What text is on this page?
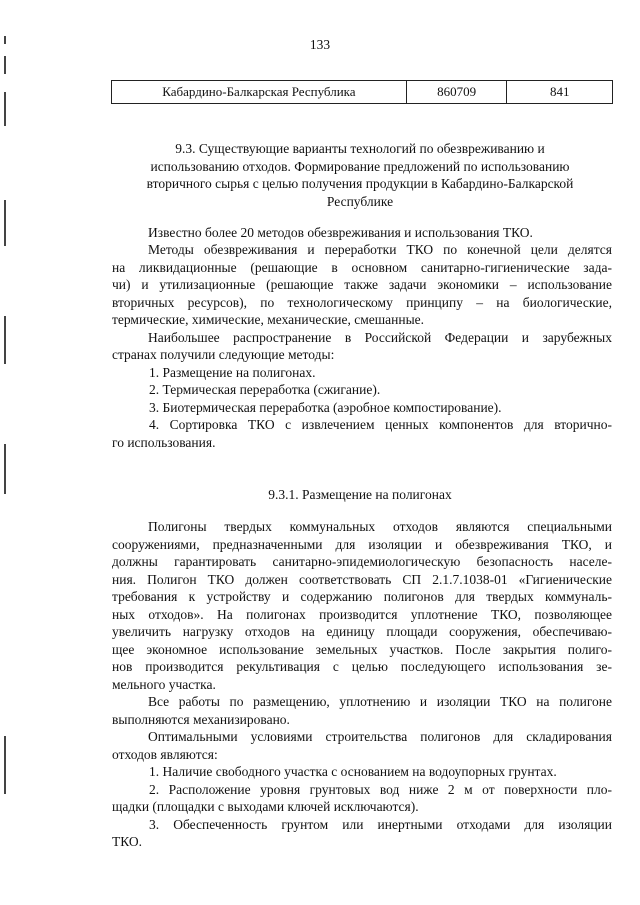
133
Кабардино-Балкарская Республика	860709	841
9.3. Существующие варианты технологий по обезвреживанию и
использованию отходов. Формирование предложений по использованию
вторичного сырья с целью получения продукции в Кабардино-Балкарской
Республике
Известно более 20 методов обезвреживания и использования ТКО.
Методы обезвреживания и переработки ТКО по конечной цели делятся
на ликвидационные (решающие в основном санитарно-гигиенические зада-
чи) и утилизационные (решающие также задачи экономики – использование
вторичных ресурсов), по технологическому принципу – на биологические,
термические, химические, механические, смешанные.
Наибольшее распространение в Российской Федерации и зарубежных
странах получили следующие методы:
1. Размещение на полигонах.
2. Термическая переработка (сжигание).
3. Биотермическая переработка (аэробное компостирование).
4. Сортировка ТКО с извлечением ценных компонентов для вторично-
го использования.
9.3.1. Размещение на полигонах
Полигоны твердых коммунальных отходов являются специальными
сооружениями, предназначенными для изоляции и обезвреживания ТКО, и
должны гарантировать санитарно-эпидемиологическую безопасность населе-
ния. Полигон ТКО должен соответствовать СП 2.1.7.1038-01 «Гигиенические
требования к устройству и содержанию полигонов для твердых коммуналь-
ных отходов». На полигонах производится уплотнение ТКО, позволяющее
увеличить нагрузку отходов на единицу площади сооружения, обеспечиваю-
щее экономное использование земельных участков. После закрытия полиго-
нов производится рекультивация с целью последующего использования зе-
мельного участка.
Все работы по размещению, уплотнению и изоляции ТКО на полигоне
выполняются механизировано.
Оптимальными условиями строительства полигонов для складирования
отходов являются:
1. Наличие свободного участка с основанием на водоупорных грунтах.
2. Расположение уровня грунтовых вод ниже 2 м от поверхности пло-
щадки (площадки с выходами ключей исключаются).
3. Обеспеченность грунтом или инертными отходами для изоляции
ТКО.
